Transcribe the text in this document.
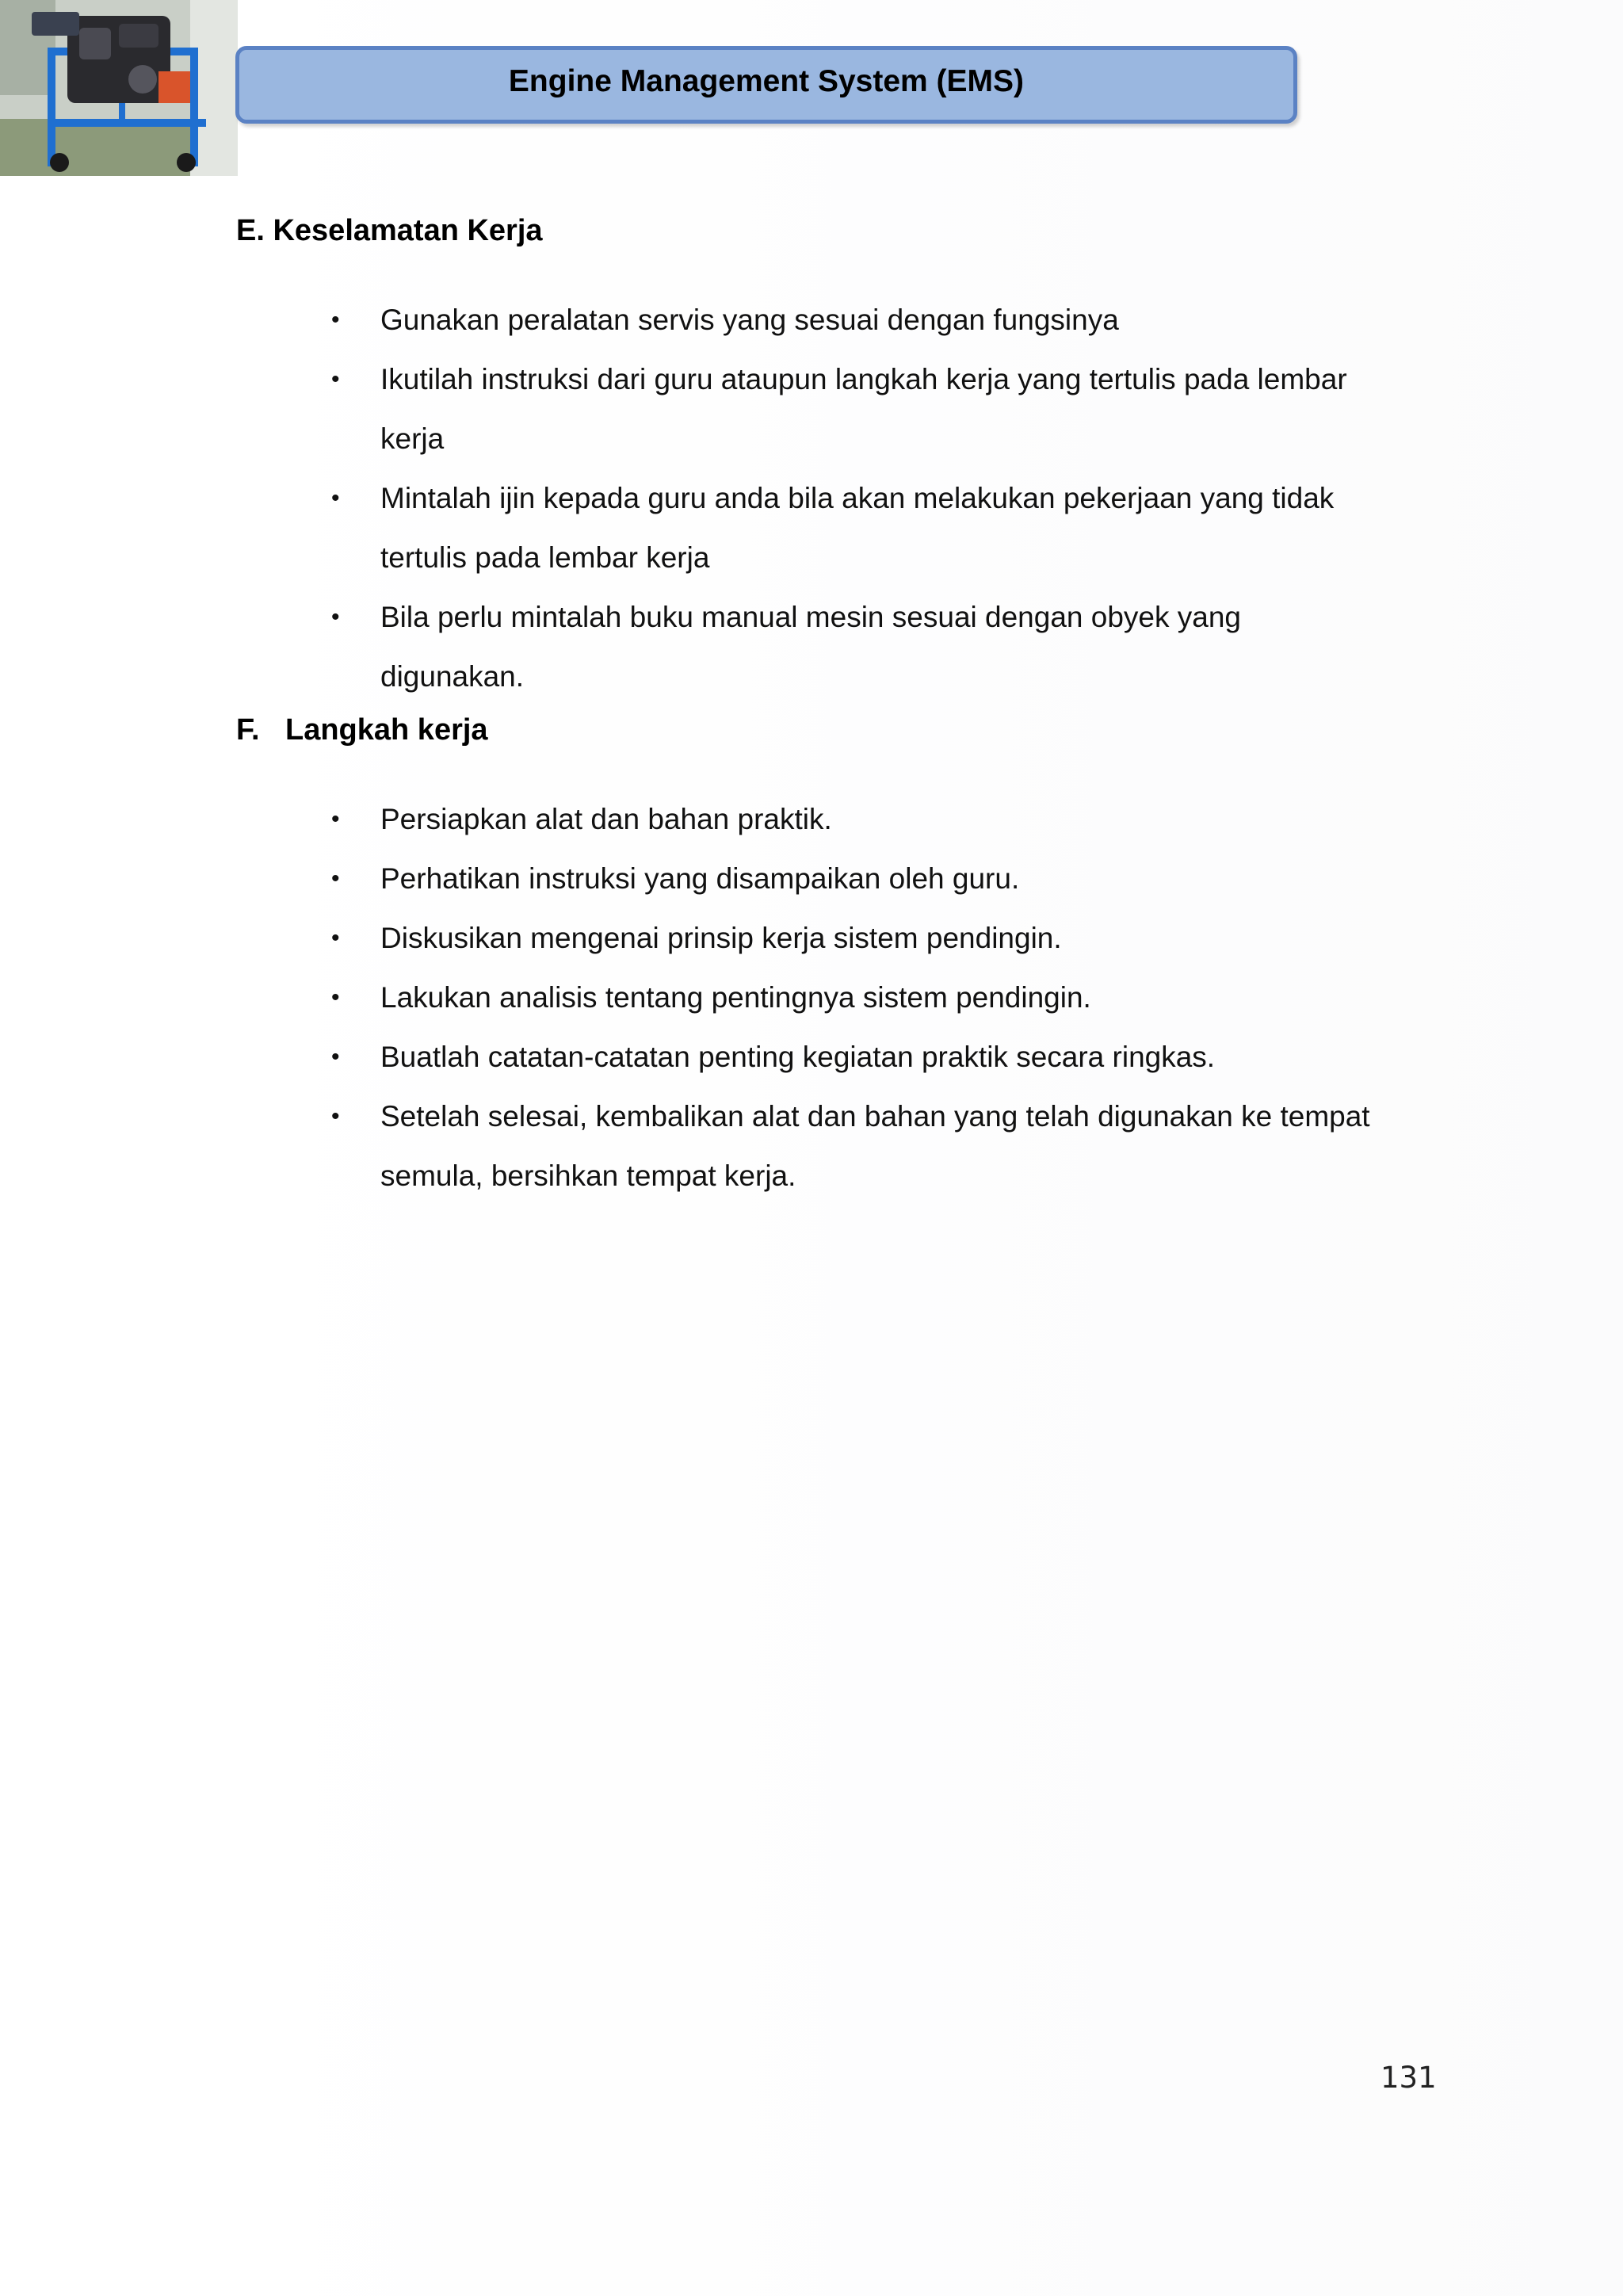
Engine Management System (EMS)
E. Keselamatan Kerja
• Gunakan peralatan servis yang sesuai dengan fungsinya
• Ikutilah instruksi dari guru ataupun langkah kerja yang tertulis pada lembar kerja
• Mintalah ijin kepada guru anda bila akan melakukan pekerjaan yang tidak tertulis pada lembar kerja
• Bila perlu mintalah buku manual mesin sesuai dengan obyek yang digunakan.
F. Langkah kerja
• Persiapkan alat dan bahan praktik.
• Perhatikan instruksi yang disampaikan oleh guru.
• Diskusikan mengenai prinsip kerja sistem pendingin.
• Lakukan analisis tentang pentingnya sistem pendingin.
• Buatlah catatan-catatan penting kegiatan praktik secara ringkas.
• Setelah selesai, kembalikan alat dan bahan yang telah digunakan ke tempat semula, bersihkan tempat kerja.
131
